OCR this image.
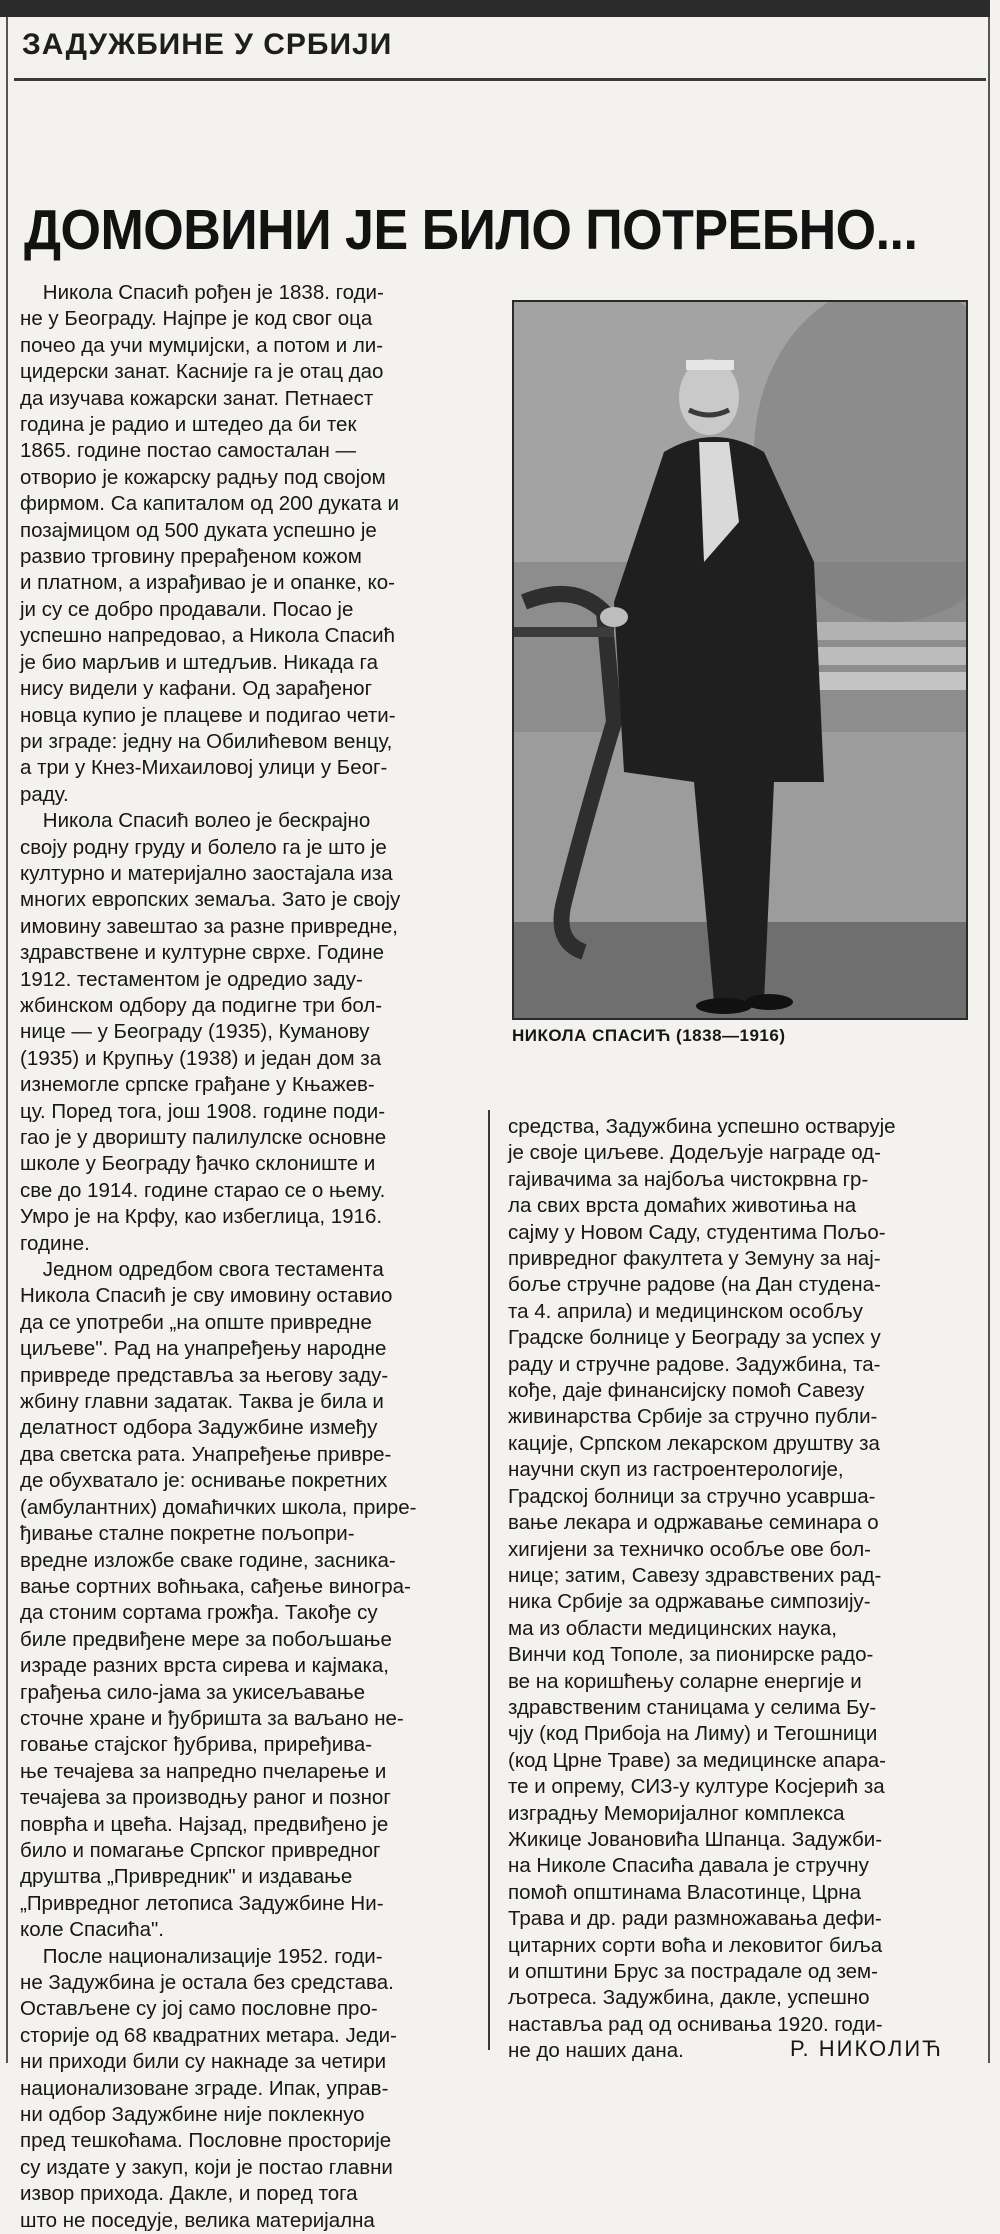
ЗАДУЖБИНЕ У СРБИЈИ
ДОМОВИНИ ЈЕ БИЛО ПОТРЕБНО...
Никола Спасић рођен је 1838. годи-
не у Београду. Најпре је код свог оца
почео да учи мумџијски, а потом и ли-
цидерски занат. Касније га је отац дао
да изучава кожарски занат. Петнаест
година је радио и штедео да би тек
1865. године постао самосталан —
отворио је кожарску радњу под својом
фирмом. Са капиталом од 200 дуката и
позајмицом од 500 дуката успешно је
развио трговину прерађеном кожом
и платном, а израђивао је и опанке, ко-
ји су се добро продавали. Посао је
успешно напредовао, а Никола Спасић
је био марљив и штедљив. Никада га
нису видели у кафани. Од зарађеног
новца купио је плацеве и подигао чети-
ри зграде: једну на Обилићевом венцу,
а три у Кнез-Михаиловој улици у Беог-
раду.
Никола Спасић волео је бескрајно
своју родну груду и болело га је што је
културно и материјално заостајала иза
многих европских земаља. Зато је своју
имовину завештао за разне привредне,
здравствене и културне сврхе. Године
1912. тестаментом је одредио заду-
жбинском одбору да подигне три бол-
нице — у Београду (1935), Куманову
(1935) и Крупњу (1938) и један дом за
изнемогле српске грађане у Књажев-
цу. Поред тога, још 1908. године поди-
гао је у дворишту палилулске основне
школе у Београду ђачко склониште и
све до 1914. године старао се о њему.
Умро је на Крфу, као избеглица, 1916.
године.
Једном одредбом свога тестамента
Никола Спасић је сву имовину оставио
да се употреби „на опште привредне
циљеве". Рад на унапређењу народне
привреде представља за његову заду-
жбину главни задатак. Таква је била и
делатност одбора Задужбине између
два светска рата. Унапређење привре-
де обухватало је: оснивање покретних
(амбулантних) домаћичких школа, прире-
ђивање сталне покретне пољопри-
вредне изложбе сваке године, засника-
вање сортних воћњака, сађење виногра-
да стоним сортама грожђа. Такође су
биле предвиђене мере за побољшање
израде разних врста сирева и кајмака,
грађења сило-јама за укисељавање
сточне хране и ђубришта за ваљано не-
говање стајског ђубрива, приређива-
ње течајева за напредно пчеларење и
течајева за производњу раног и позног
поврћа и цвећа. Најзад, предвиђено је
било и помагање Српског привредног
друштва „Привредник" и издавање
„Привредног летописа Задужбине Ни-
коле Спасића".
После национализације 1952. годи-
не Задужбина је остала без средстава.
Остављене су јој само пословне про-
сторије од 68 квадратних метара. Једи-
ни приходи били су накнаде за четири
национализоване зграде. Ипак, управ-
ни одбор Задужбине није поклекнуо
пред тешкоћама. Пословне просторије
су издате у закуп, који је постао главни
извор прихода. Дакле, и поред тога
што не поседује, велика материјална
НИКОЛА СПАСИЋ (1838—1916)
средства, Задужбина успешно остварује
је своје циљеве. Додељује награде од-
гајивачима за најбоља чистокрвна гр-
ла свих врста домаћих животиња на
сајму у Новом Саду, студентима Пољо-
привредног факултета у Земуну за нај-
боље стручне радове (на Дан студена-
та 4. априла) и медицинском особљу
Градске болнице у Београду за успех у
раду и стручне радове. Задужбина, та-
кође, даје финансијску помоћ Савезу
живинарства Србије за стручно публи-
кације, Српском лекарском друштву за
научни скуп из гастроентерологије,
Градској болници за стручно усаврша-
вање лекара и одржавање семинара о
хигијени за техничко особље ове бол-
нице; затим, Савезу здравствених рад-
ника Србије за одржавање симпозију-
ма из области медицинских наука,
Винчи код Тополе, за пионирске радо-
ве на коришћењу соларне енергије и
здравственим станицама у селима Бу-
чју (код Прибоја на Лиму) и Тегошници
(код Црне Траве) за медицинске апара-
те и опрему, СИЗ-у културе Косјерић за
изградњу Меморијалног комплекса
Жикице Јовановића Шпанца. Задужби-
на Николе Спасића давала је стручну
помоћ општинама Власотинце, Црна
Трава и др. ради размножавања дефи-
цитарних сорти воћа и лековитог биља
и општини Брус за пострадале од зем-
љотреса. Задужбина, дакле, успешно
наставља рад од оснивања 1920. годи-
не до наших дана.	Р. НИКОЛИЋ
